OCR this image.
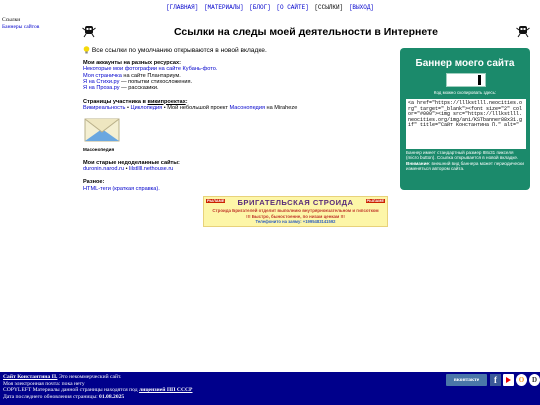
[ГЛАВНАЯ] [МАТЕРИАЛЫ] [БЛОГ] [О САЙТЕ] [ССЫЛКИ] [ВЫХОД]
Ссылки
Баннеры сайтов	Ссылки на следы моей деятельности в Интернете
Все ссылки по умолчанию открываются в новой вкладке.
Мои аккаунты на разных ресурсах:
Некоторые мои фотографии на сайте Кубань-фото.
Моя страничка на сайте Плантариум.
Я на Стихи.ру — попытки стихосложения.
Я на Проза.ру — рассказики.
Страницы участника в википроектах:
Викиреальность • Циклопедия • Мой небольшой проект Масонопедия на Miraheze
Масонопедия
Мои старые недоделанные сайты:
duronin.narod.ru • lilstllll.nethouse.ru
Разное:
HTML-теги (краткая справка).
Баннер моего сайта
Код можно скопировать здесь:
<a href="https://lllkstlll.neocities.org" target="_blank"><font size="2" color="#000"><img src="https://lllkstlll.neocities.org/img/ani/KSTbanner88x31.gif" title="Сайт Константина П." alt="
Баннер имеет стандартный размер 88х31 пикселя (micro button). Ссылка открывается в новой вкладке. Внимание: внешний вид баннера может периодически изменяться автором сайта.
РЫЛАМЕ	РЫЛАМЕ
БРИГАТЕЛЬСКАЯ СТРОИДА
Строида Бригателей отделит выполнию внутрярнокчательном и гипсотком !!! Быстро, быностоенне, по низам ценкам !!!
Телефонито на заяму: +1995483141592
Сайт Константина П. Это некоммерческий сайт.
Моя электронная почта: пока нету
COPYLEFT Материалы данной страницы находятся под лицензией ПП СССР
Дата последнего обновления страницы: 01.08.2025
вконтакте	f	O	D
